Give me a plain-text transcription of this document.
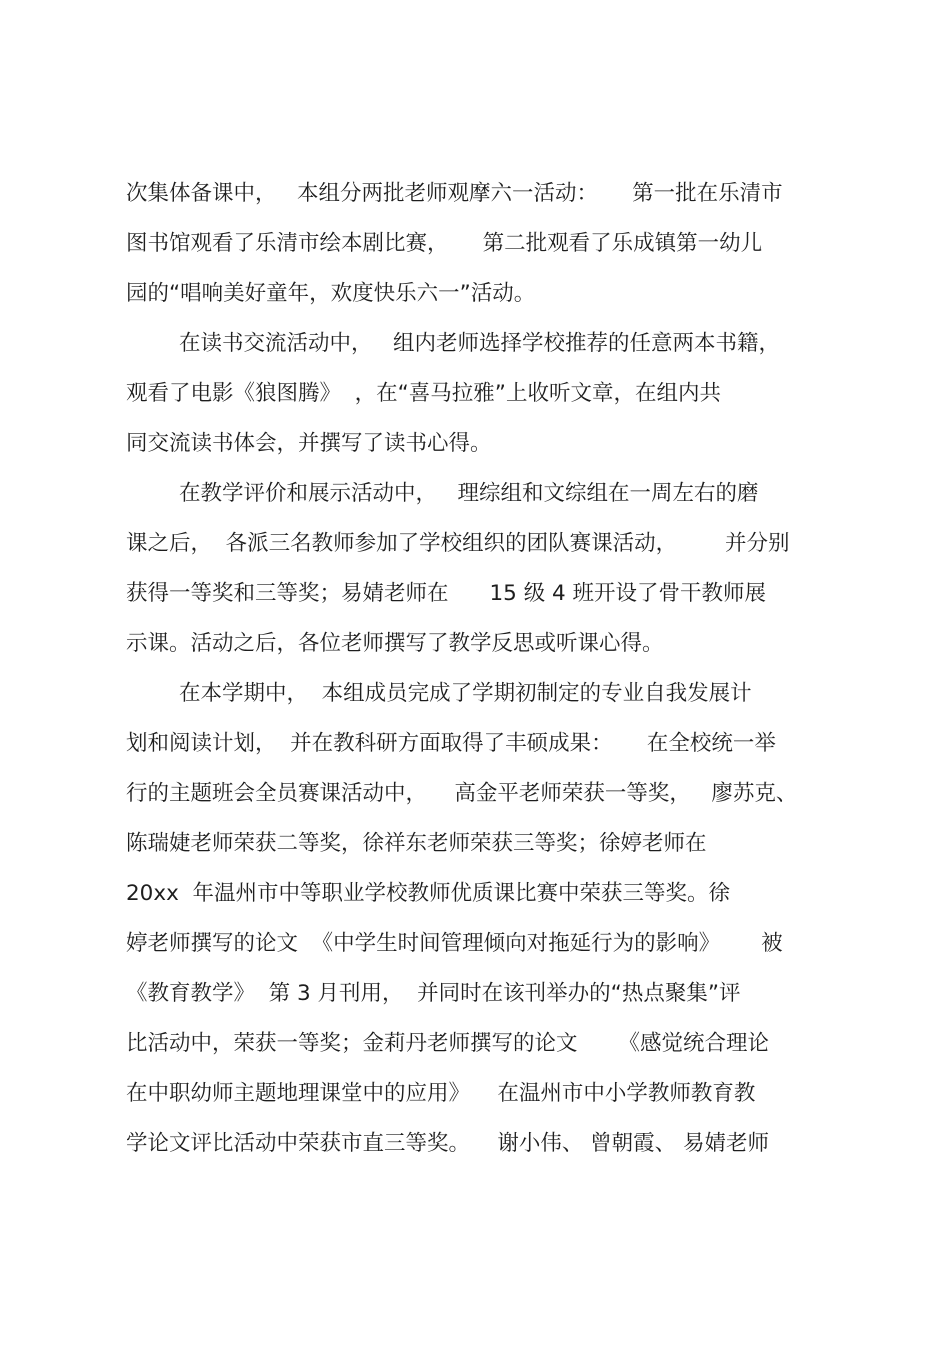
次集体备课中，   本组分两批老师观摩六一活动：     第一批在乐清市
图书馆观看了乐清市绘本剧比赛，     第二批观看了乐成镇第一幼儿
园的“唱响美好童年，欢度快乐六一”活动。
在读书交流活动中，   组内老师选择学校推荐的任意两本书籍，
观看了电影《狼图腾》  ，在“喜马拉雅”上收听文章，在组内共
同交流读书体会，并撰写了读书心得。
在教学评价和展示活动中，   理综组和文综组在一周左右的磨
课之后，  各派三名教师参加了学校组织的团队赛课活动，       并分别
获得一等奖和三等奖；易婧老师在      15 级 4 班开设了骨干教师展
示课。活动之后，各位老师撰写了教学反思或听课心得。
在本学期中，  本组成员完成了学期初制定的专业自我发展计
划和阅读计划，  并在教科研方面取得了丰硕成果：     在全校统一举
行的主题班会全员赛课活动中，    高金平老师荣获一等奖，   廖苏克、
陈瑞婕老师荣获二等奖，徐祥东老师荣获三等奖；徐婷老师在
20xx  年温州市中等职业学校教师优质课比赛中荣获三等奖。徐
婷老师撰写的论文  《中学生时间管理倾向对拖延行为的影响》      被
《教育教学》  第 3 月刊用，  并同时在该刊举办的“热点聚集”评
比活动中，荣获一等奖；金莉丹老师撰写的论文      《感觉统合理论
在中职幼师主题地理课堂中的应用》    在温州市中小学教师教育教
学论文评比活动中荣获市直三等奖。    谢小伟、 曾朝霞、 易婧老师
